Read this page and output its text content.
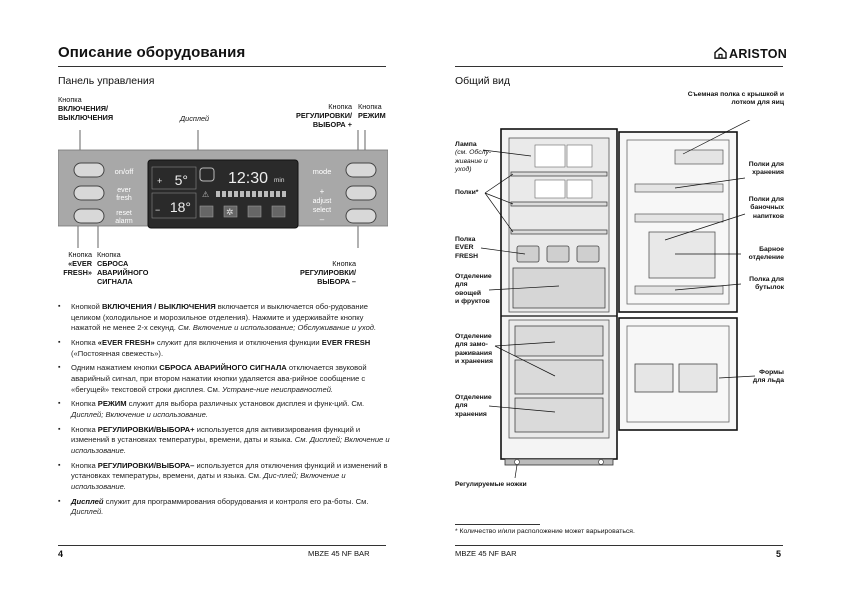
Описание оборудования	ARISTON
Панель управления
Кнопка
ВКЛЮЧЕНИЯ/
ВЫКЛЮЧЕНИЯ	Дисплей
Кнопка
РЕГУЛИРОВКИ/
ВЫБОРА +
Кнопка
РЕЖИМ
on/off
ever
fresh
reset
alarm
+ 5°
− 18°
⚠
12:30 min
✲
mode
+
adjust
select
–
Кнопка
«EVER
FRESH»
Кнопка
СБРОСА
АВАРИЙНОГО
СИГНАЛА
Кнопка
РЕГУЛИРОВКИ/
ВЫБОРА –
▪ Кнопкой ВКЛЮЧЕНИЯ / ВЫКЛЮЧЕНИЯ включается и выключается обо-рудование целиком (холодильное и морозильное отделения). Нажмите и удерживайте кнопку нажатой не менее 2-х секунд. См. Включение и использование; Обслуживание и уход.
▪ Кнопка «EVER FRESH» служит для включения и отключения функции EVER FRESH («Постоянная свежесть»).
▪ Одним нажатием кнопки СБРОСА АВАРИЙНОГО СИГНАЛА отключается звуковой аварийный сигнал, при втором нажатии кнопки удаляется ава-рийное сообщение с «бегущей» текстовой строки дисплея. См. Устране-ние неисправностей.
▪ Кнопка РЕЖИМ служит для выбора различных установок дисплея и функ-ций. См. Дисплей; Включение и использование.
▪ Кнопка РЕГУЛИРОВКИ/ВЫБОРА+ используется для активизирования функций и изменений в установках температуры, времени, даты и языка. См. Дисплей; Включение и использование.
▪ Кнопка РЕГУЛИРОВКИ/ВЫБОРА– используется для отключения функций и изменений в установках температуры, времени, даты и языка. См. Дис-плей; Включение и использование.
▪ Дисплей служит для программирования оборудования и контроля его ра-боты. См. Дисплей.
Общий вид
Съемная полка с крышкой и
лотком для яиц
Лампа
(см. Обслу-
живание и
уход)
Полки*
Полки для
хранения
Полки для
баночных
напитков
Полка
EVER
FRESH
Барное
отделение
Отделение
для
овощей
и фруктов
Полка для
бутылок
Отделение
для замо-
раживания
и хранения
Формы
для льда
Отделение
для
хранения
Регулируемые ножки
* Количество и/или расположение может варьироваться.
4	MBZE 45 NF BAR	MBZE 45 NF BAR	5
